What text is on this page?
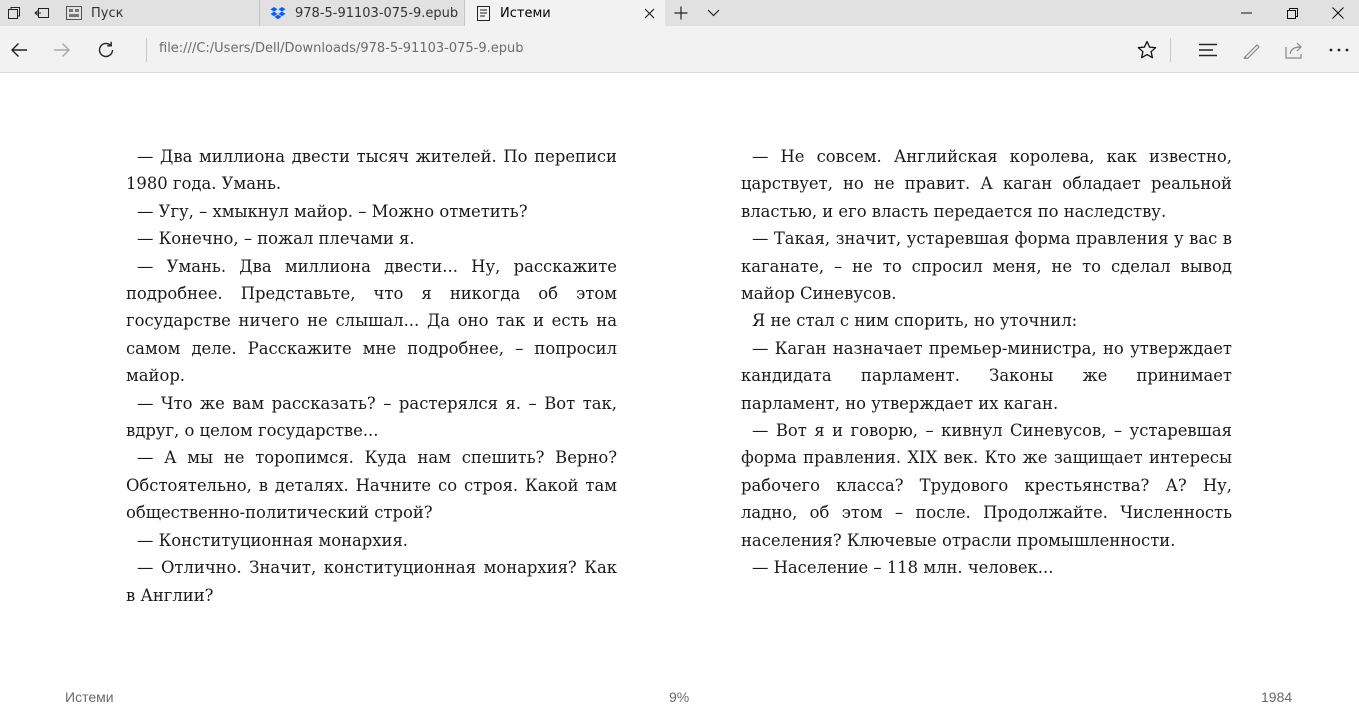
Пуск	978-5-91103-075-9.epub	Истеми
file:///C:/Users/Dell/Downloads/978-5-91103-075-9.epub

— Два миллиона двести тысяч жителей. По переписи 1980 года. Умань.

— Угу, – хмыкнул майор. – Можно отметить?

— Конечно, – пожал плечами я.

— Умань. Два миллиона двести... Ну, расскажите подробнее. Представьте, что я никогда об этом государстве ничего не слышал... Да оно так и есть на самом деле. Расскажите мне подробнее, – попросил майор.

— Что же вам рассказать? – растерялся я. – Вот так, вдруг, о целом государстве...

— А мы не торопимся. Куда нам спешить? Верно? Обстоятельно, в деталях. Начните со строя. Какой там общественно-политический строй?

— Конституционная монархия.

— Отлично. Значит, конституционная монархия? Как в Англии?

— Не совсем. Английская королева, как известно, царствует, но не правит. А каган обладает реальной властью, и его власть передается по наследству.

— Такая, значит, устаревшая форма правления у вас в каганате, – не то спросил меня, не то сделал вывод майор Синевусов.

Я не стал с ним спорить, но уточнил:

— Каган назначает премьер-министра, но утверждает кандидата парламент. Законы же принимает парламент, но утверждает их каган.

— Вот я и говорю, – кивнул Синевусов, – устаревшая форма правления. XIX век. Кто же защищает интересы рабочего класса? Трудового крестьянства? А? Ну, ладно, об этом – после. Продолжайте. Численность населения? Ключевые отрасли промышленности.

— Население – 118 млн. человек...

Истеми	9%	1984
